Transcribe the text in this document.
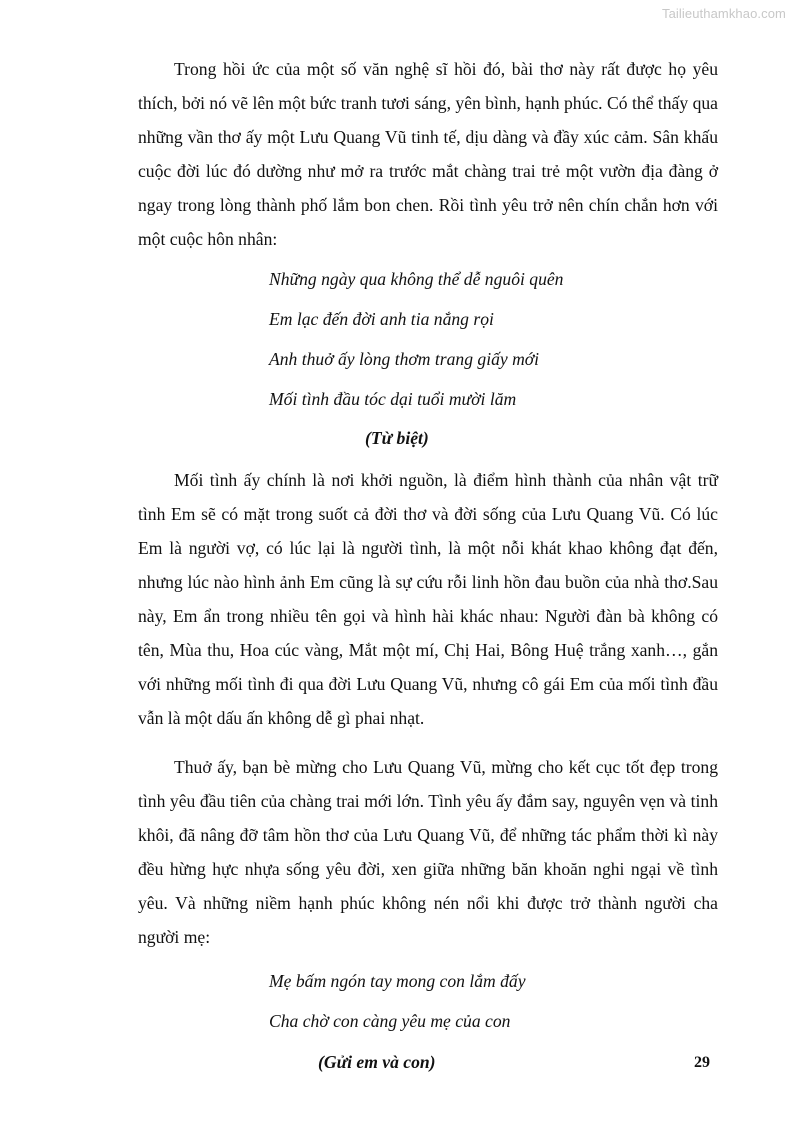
Tailieuthamkhao.com

Trong hồi ức của một số văn nghệ sĩ hồi đó, bài thơ này rất được họ yêu thích, bởi nó vẽ lên một bức tranh tươi sáng, yên bình, hạnh phúc. Có thể thấy qua những vần thơ ấy một Lưu Quang Vũ tinh tế, dịu dàng và đầy xúc cảm. Sân khấu cuộc đời lúc đó dường như mở ra trước mắt chàng trai trẻ một vườn địa đàng ở ngay trong lòng thành phố lắm bon chen. Rồi tình yêu trở nên chín chắn hơn với một cuộc hôn nhân:

Những ngày qua không thể dễ nguôi quên
Em lạc đến đời anh tia nắng rọi
Anh thuở ấy lòng thơm trang giấy mới
Mối tình đầu tóc dại tuổi mười lăm
(Từ biệt)

Mối tình ấy chính là nơi khởi nguồn, là điểm hình thành của nhân vật trữ tình Em sẽ có mặt trong suốt cả đời thơ và đời sống của Lưu Quang Vũ. Có lúc Em là người vợ, có lúc lại là người tình, là một nỗi khát khao không đạt đến, nhưng lúc nào hình ảnh Em cũng là sự cứu rỗi linh hồn đau buồn của nhà thơ.Sau này, Em ẩn trong nhiều tên gọi và hình hài khác nhau: Người đàn bà không có tên, Mùa thu, Hoa cúc vàng, Mắt một mí, Chị Hai, Bông Huệ trắng xanh…, gắn với những mối tình đi qua đời Lưu Quang Vũ, nhưng cô gái Em của mối tình đầu vẫn là một dấu ấn không dễ gì phai nhạt.

Thuở ấy, bạn bè mừng cho Lưu Quang Vũ, mừng cho kết cục tốt đẹp trong tình yêu đầu tiên của chàng trai mới lớn. Tình yêu ấy đắm say, nguyên vẹn và tinh khôi, đã nâng đỡ tâm hồn thơ của Lưu Quang Vũ, để những tác phẩm thời kì này đều hừng hực nhựa sống yêu đời, xen giữa những băn khoăn nghi ngại về tình yêu. Và những niềm hạnh phúc không nén nổi khi được trở thành người cha người mẹ:

Mẹ bấm ngón tay mong con lắm đấy
Cha chờ con càng yêu mẹ của con
(Gửi em và con)	29
